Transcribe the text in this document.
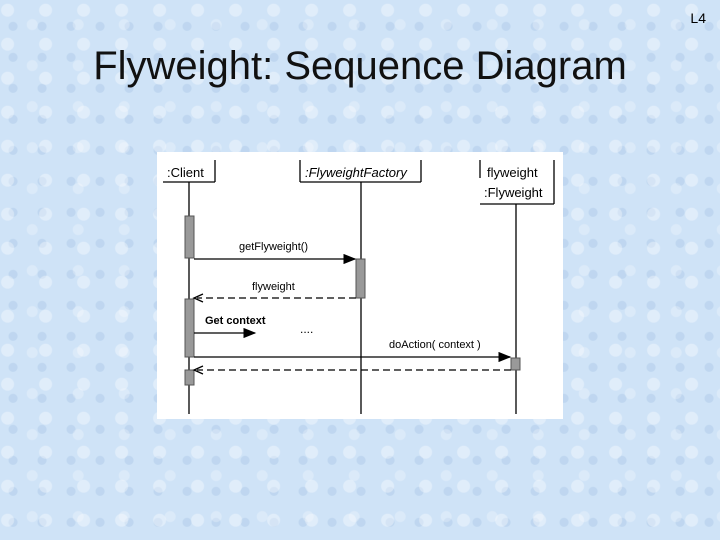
L4
Flyweight: Sequence Diagram
:Client	:FlyweightFactory	flyweight
:Flyweight
getFlyweight()
flyweight
Get context
....
doAction( context )
